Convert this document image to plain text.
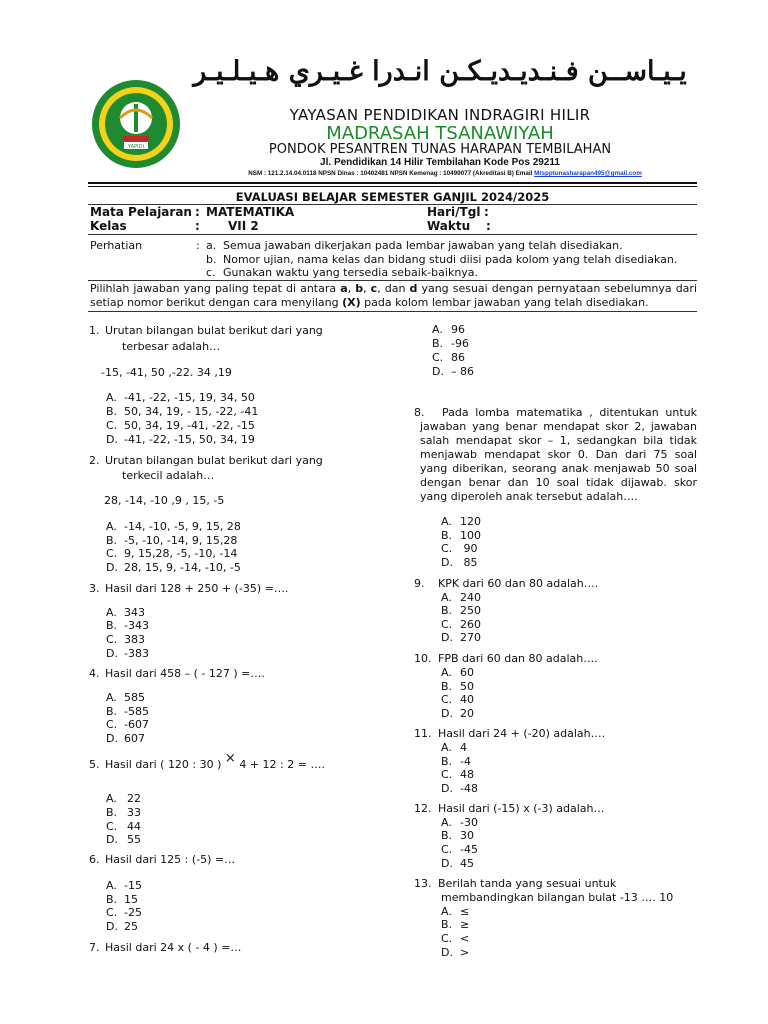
YAPIDI
يـيـاســن فـنـديـديـكـن انـدرا غـيـري هـيـلـيـر
YAYASAN PENDIDIKAN INDRAGIRI HILIR
MADRASAH TSANAWIYAH
PONDOK PESANTREN TUNAS HARAPAN TEMBILAHAN
Jl. Pendidikan 14 Hilir Tembilahan Kode Pos 29211
NSM : 121.2.14.04.0118 NPSN Dinas : 10402481 NPSN Kemenag : 10499077 (Akreditasi B) Email Mtspptunasharapan495@gmail.com
EVALUASI BELAJAR SEMESTER GANJIL 2024/2025
Mata Pelajaran : MATEMATIKA	Hari/Tgl :
Kelas	: VII 2	Waktu :
Perhatian	: a. Semua jawaban dikerjakan pada lembar jawaban yang telah disediakan.
b. Nomor ujian, nama kelas dan bidang studi diisi pada kolom yang telah disediakan.
c. Gunakan waktu yang tersedia sebaik-baiknya.
Pilihlah jawaban yang paling tepat di antara a, b, c, dan d yang sesuai dengan pernyataan sebelumnya dari setiap nomor berikut dengan cara menyilang (X) pada kolom lembar jawaban yang telah disediakan.
1. Urutan bilangan bulat berikut dari yang
terbesar adalah…
-15, -41, 50 ,-22. 34 ,19
A. -41, -22, -15, 19, 34, 50
B. 50, 34, 19, - 15, -22, -41
C. 50, 34, 19, -41, -22, -15
D. -41, -22, -15, 50, 34, 19
2. Urutan bilangan bulat berikut dari yang
terkecil adalah…
28, -14, -10 ,9 , 15, -5
A. -14, -10, -5, 9, 15, 28
B. -5, -10, -14, 9, 15,28
C. 9, 15,28, -5, -10, -14
D. 28, 15, 9, -14, -10, -5
3. Hasil dari 128 + 250 + (-35) =….
A. 343
B. -343
C. 383
D. -383
4. Hasil dari 458 – ( - 127 ) =….
A. 585
B. -585
C. -607
D. 607
5. Hasil dari ( 120 : 30 ) × 4 + 12 : 2 = ….
A. 22
B. 33
C. 44
D. 55
6. Hasil dari 125 : (-5) =…
A. -15
B. 15
C. -25
D. 25
7. Hasil dari 24 x ( - 4 ) =…
A. 96
B. -96
C. 86
D. – 86
8.	Pada lomba matematika , ditentukan untuk jawaban yang benar mendapat skor 2, jawaban salah mendapat skor – 1, sedangkan bila tidak menjawab mendapat skor 0. Dan dari 75 soal yang diberikan, seorang anak menjawab 50 soal dengan benar dan 10 soal tidak dijawab. skor yang diperoleh anak tersebut adalah….
A. 120
B. 100
C. 90
D. 85
9. KPK dari 60 dan 80 adalah….
A. 240
B. 250
C. 260
D. 270
10. FPB dari 60 dan 80 adalah….
A. 60
B. 50
C. 40
D. 20
11. Hasil dari 24 + (-20) adalah….
A. 4
B. -4
C. 48
D. -48
12. Hasil dari (-15) x (-3) adalah…
A. -30
B. 30
C. -45
D. 45
13. Berilah tanda yang sesuai untuk
membandingkan bilangan bulat -13 …. 10
A. ≤
B. ≥
C. <
D. >
